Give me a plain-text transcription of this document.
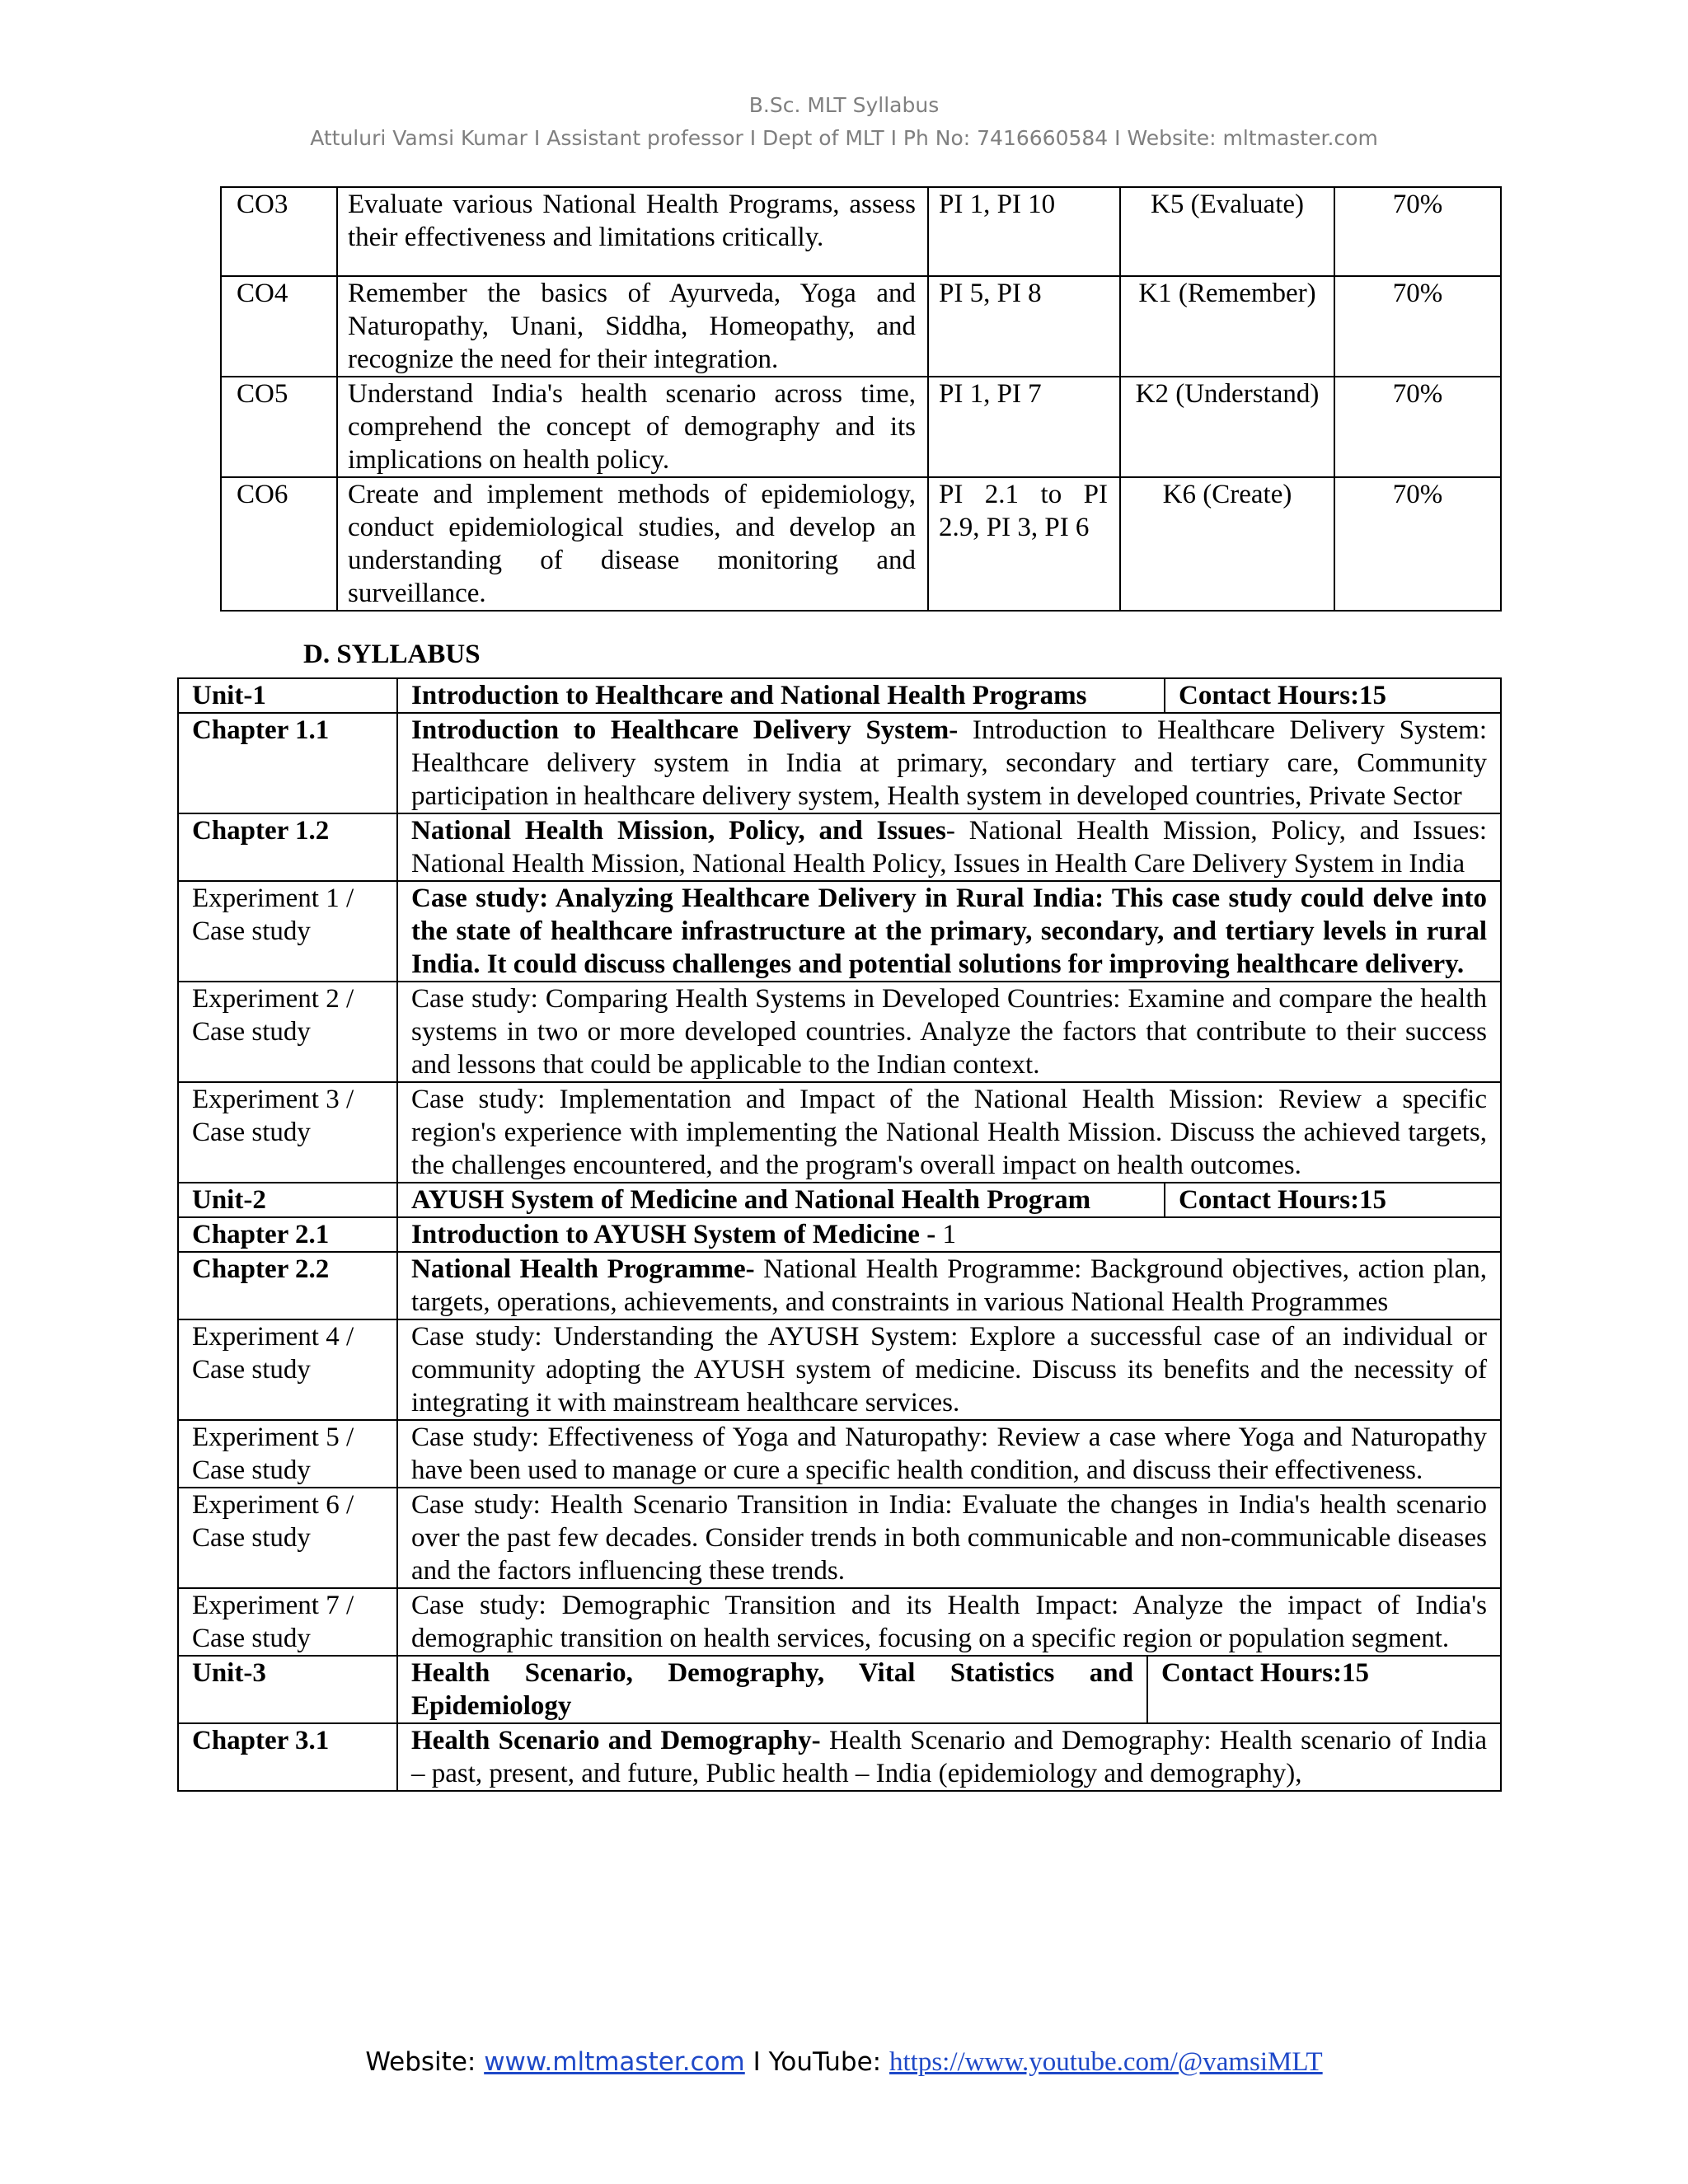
B.Sc. MLT Syllabus
Attuluri Vamsi Kumar I Assistant professor I Dept of MLT I Ph No: 7416660584 I Website: mltmaster.com
CO3	Evaluate various National Health Programs, assess their effectiveness and limitations critically.	PI 1, PI 10	K5 (Evaluate)	70%
CO4	Remember the basics of Ayurveda, Yoga and Naturopathy, Unani, Siddha, Homeopathy, and recognize the need for their integration.	PI 5, PI 8	K1 (Remember)	70%
CO5	Understand India's health scenario across time, comprehend the concept of demography and its implications on health policy.	PI 1, PI 7	K2 (Understand)	70%
CO6	Create and implement methods of epidemiology, conduct epidemiological studies, and develop an understanding of disease monitoring and surveillance.	PI 2.1 to PI 2.9, PI 3, PI 6	K6 (Create)	70%
D. SYLLABUS
Unit-1		Introduction to Healthcare and National Health Programs	Contact Hours:15

Chapter 1.1	Introduction to Healthcare Delivery System- Introduction to Healthcare Delivery System: Healthcare delivery system in India at primary, secondary and tertiary care, Community participation in healthcare delivery system, Health system in developed countries, Private Sector
Chapter 1.2	National Health Mission, Policy, and Issues- National Health Mission, Policy, and Issues: National Health Mission, National Health Policy, Issues in Health Care Delivery System in India
Experiment 1 / Case study	Case study: Analyzing Healthcare Delivery in Rural India: This case study could delve into the state of healthcare infrastructure at the primary, secondary, and tertiary levels in rural India. It could discuss challenges and potential solutions for improving healthcare delivery.
Experiment 2 / Case study	Case study: Comparing Health Systems in Developed Countries: Examine and compare the health systems in two or more developed countries. Analyze the factors that contribute to their success and lessons that could be applicable to the Indian context.
Experiment 3 / Case study	Case study: Implementation and Impact of the National Health Mission: Review a specific region's experience with implementing the National Health Mission. Discuss the achieved targets, the challenges encountered, and the program's overall impact on health outcomes.
Unit-2		AYUSH System of Medicine and National Health Program	Contact Hours:15

Chapter 2.1	Introduction to AYUSH System of Medicine - 1
Chapter 2.2	National Health Programme- National Health Programme: Background objectives, action plan, targets, operations, achievements, and constraints in various National Health Programmes
Experiment 4 / Case study	Case study: Understanding the AYUSH System: Explore a successful case of an individual or community adopting the AYUSH system of medicine. Discuss its benefits and the necessity of integrating it with mainstream healthcare services.
Experiment 5 / Case study	Case study: Effectiveness of Yoga and Naturopathy: Review a case where Yoga and Naturopathy have been used to manage or cure a specific health condition, and discuss their effectiveness.
Experiment 6 / Case study	Case study: Health Scenario Transition in India: Evaluate the changes in India's health scenario over the past few decades. Consider trends in both communicable and non-communicable diseases and the factors influencing these trends.
Experiment 7 / Case study	Case study: Demographic Transition and its Health Impact: Analyze the impact of India's demographic transition on health services, focusing on a specific region or population segment.
Unit-3		Health Scenario, Demography, Vital Statistics and Epidemiology	Contact Hours:15

Chapter 3.1	Health Scenario and Demography- Health Scenario and Demography: Health scenario of India – past, present, and future, Public health – India (epidemiology and demography),
Website: www.mltmaster.com I YouTube: https://www.youtube.com/@vamsiMLT
